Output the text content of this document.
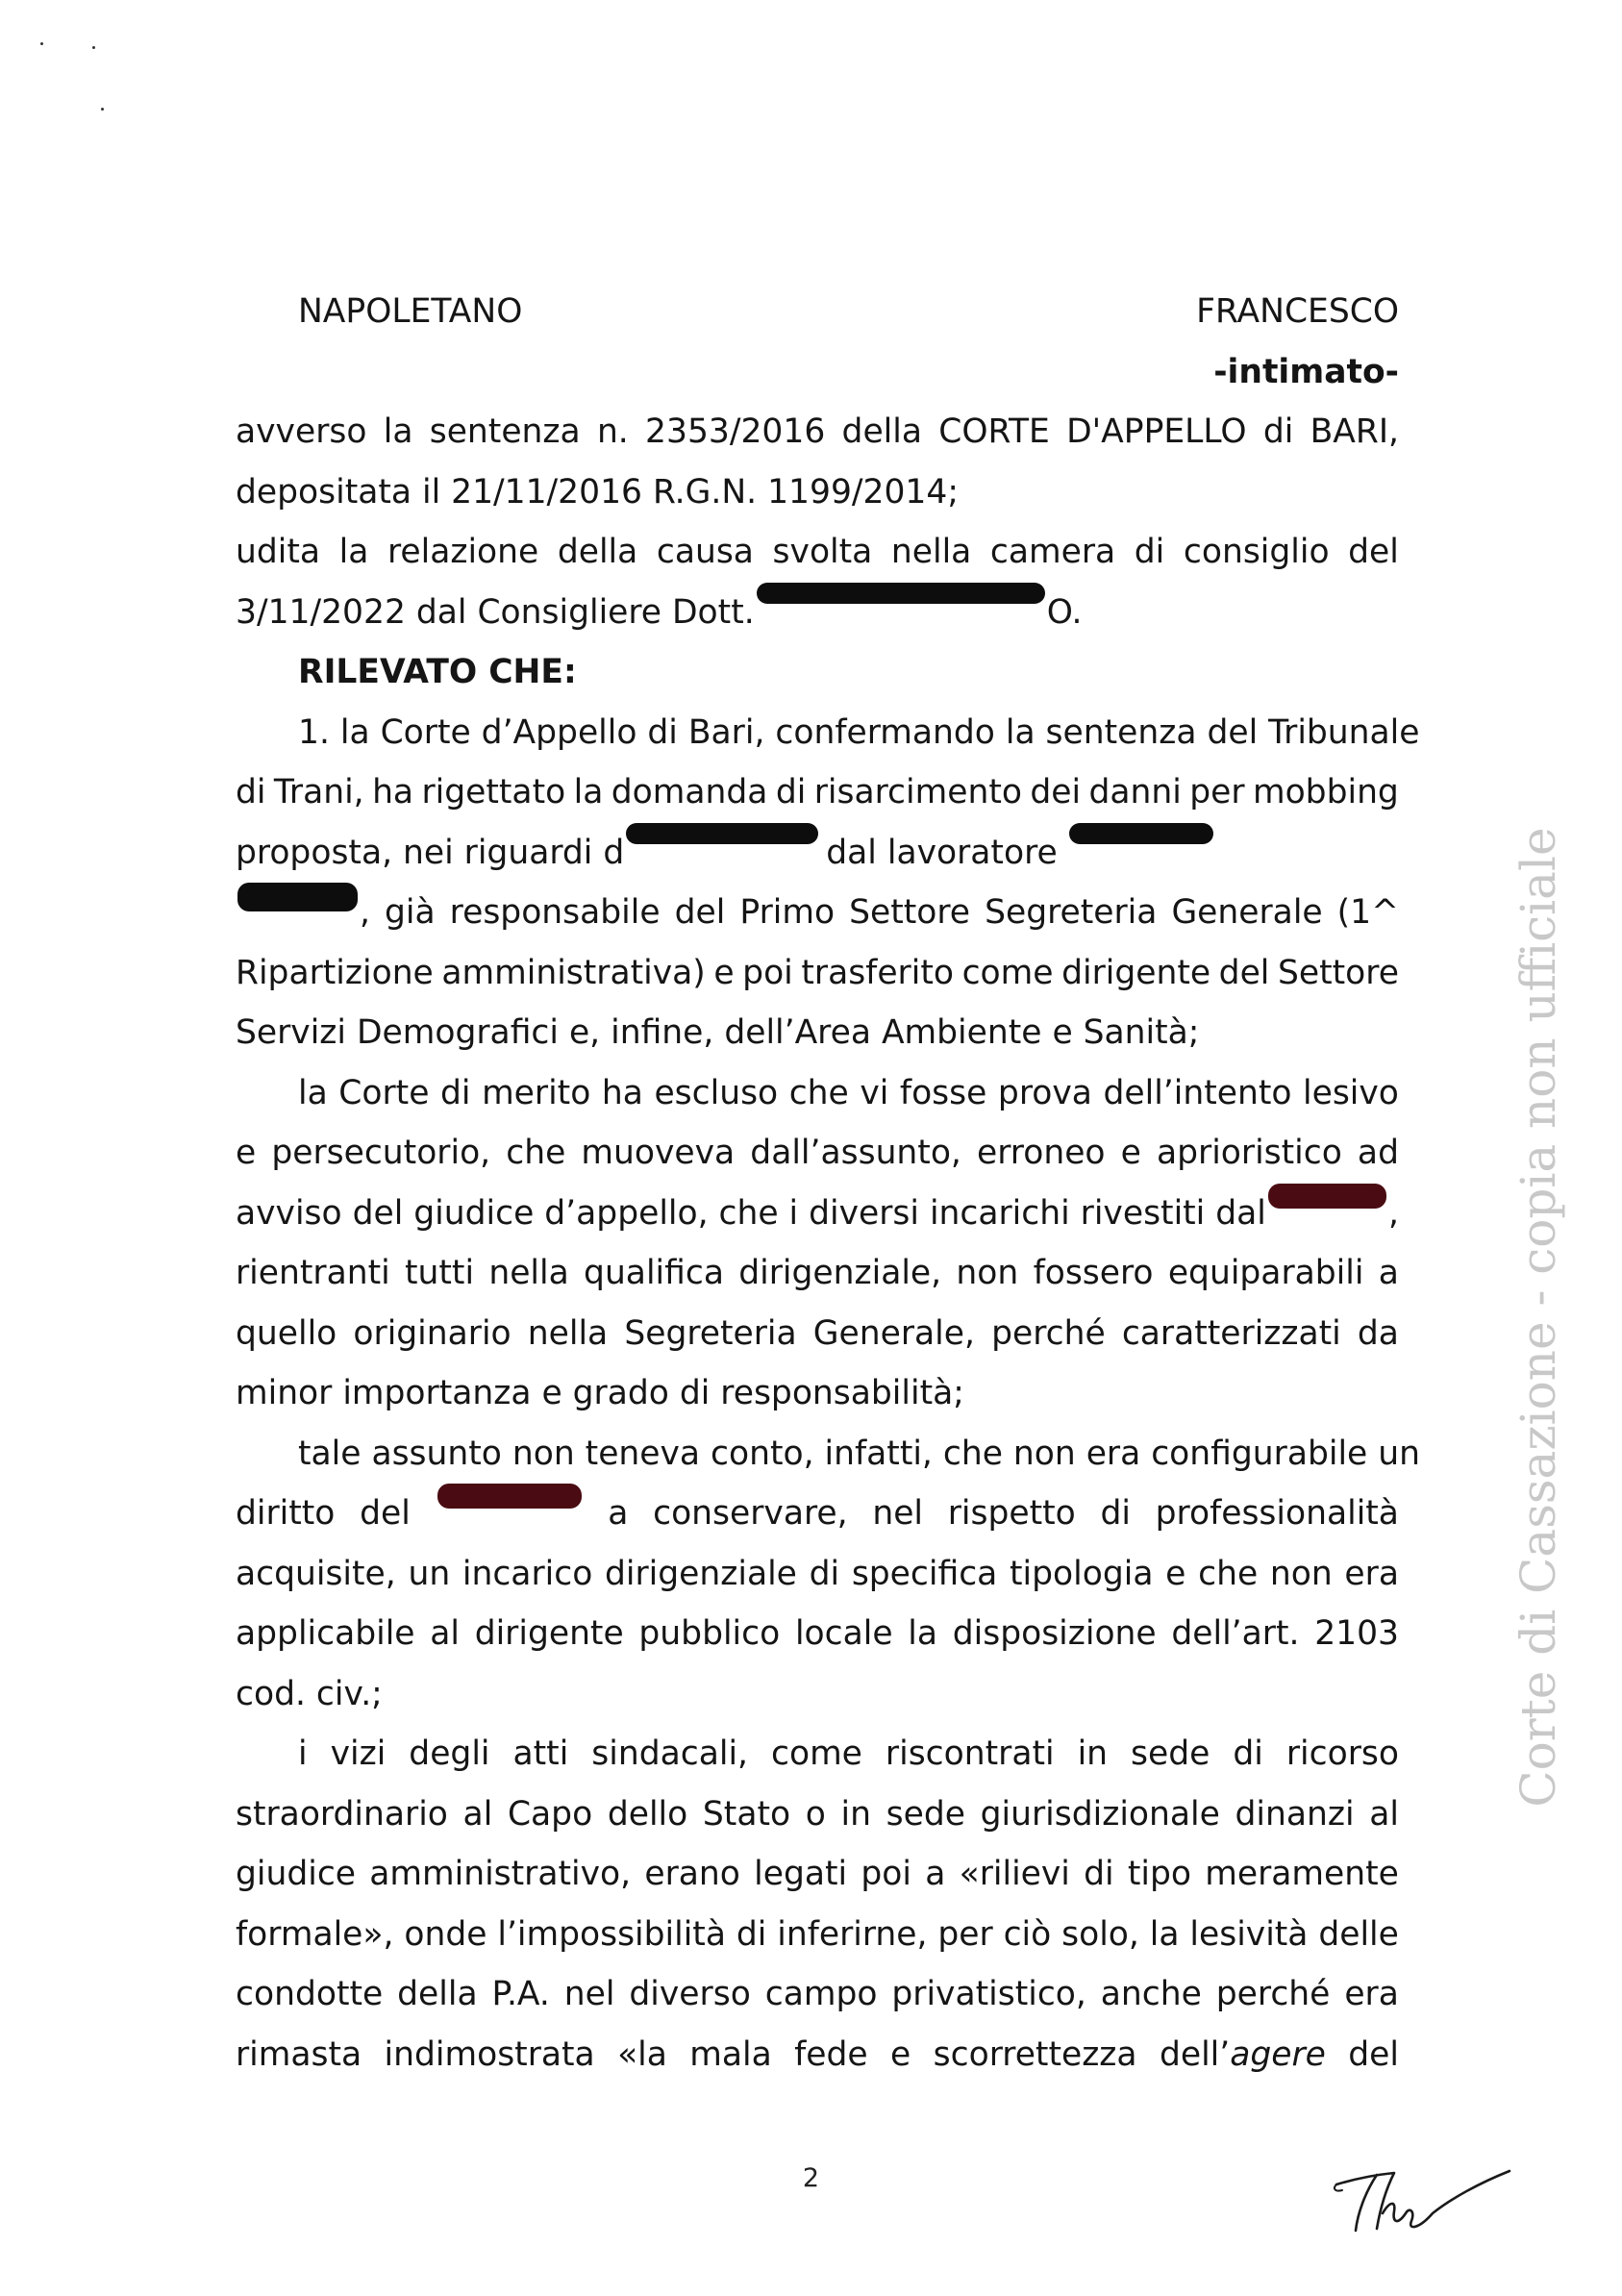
NAPOLETANO	FRANCESCO
-intimato-
avverso la sentenza n. 2353/2016 della CORTE D'APPELLO di BARI,
depositata il 21/11/2016 R.G.N. 1199/2014;
udita la relazione della causa svolta nella camera di consiglio del
3/11/2022 dal Consigliere Dott.	O.
RILEVATO CHE:
1. la Corte d’Appello di Bari, confermando la sentenza del Tribunale
di Trani, ha rigettato la domanda di risarcimento dei danni per mobbing
proposta, nei riguardi d	dal lavoratore
, già responsabile del Primo Settore Segreteria Generale (1^
Ripartizione amministrativa) e poi trasferito come dirigente del Settore
Servizi Demografici e, infine, dell’Area Ambiente e Sanità;
la Corte di merito ha escluso che vi fosse prova dell’intento lesivo
e persecutorio, che muoveva dall’assunto, erroneo e aprioristico ad
avviso del giudice d’appello, che i diversi incarichi rivestiti dal	,
rientranti tutti nella qualifica dirigenziale, non fossero equiparabili a
quello originario nella Segreteria Generale, perché caratterizzati da
minor importanza e grado di responsabilità;
tale assunto non teneva conto, infatti, che non era configurabile un
diritto del	a conservare, nel rispetto di professionalità
acquisite, un incarico dirigenziale di specifica tipologia e che non era
applicabile al dirigente pubblico locale la disposizione dell’art. 2103
cod. civ.;
i vizi degli atti sindacali, come riscontrati in sede di ricorso
straordinario al Capo dello Stato o in sede giurisdizionale dinanzi al
giudice amministrativo, erano legati poi a «rilievi di tipo meramente
formale», onde l’impossibilità di inferirne, per ciò solo, la lesività delle
condotte della P.A. nel diverso campo privatistico, anche perché era
rimasta indimostrata «la mala fede e scorrettezza dell’agere del
Corte di Cassazione - copia non ufficiale
2
